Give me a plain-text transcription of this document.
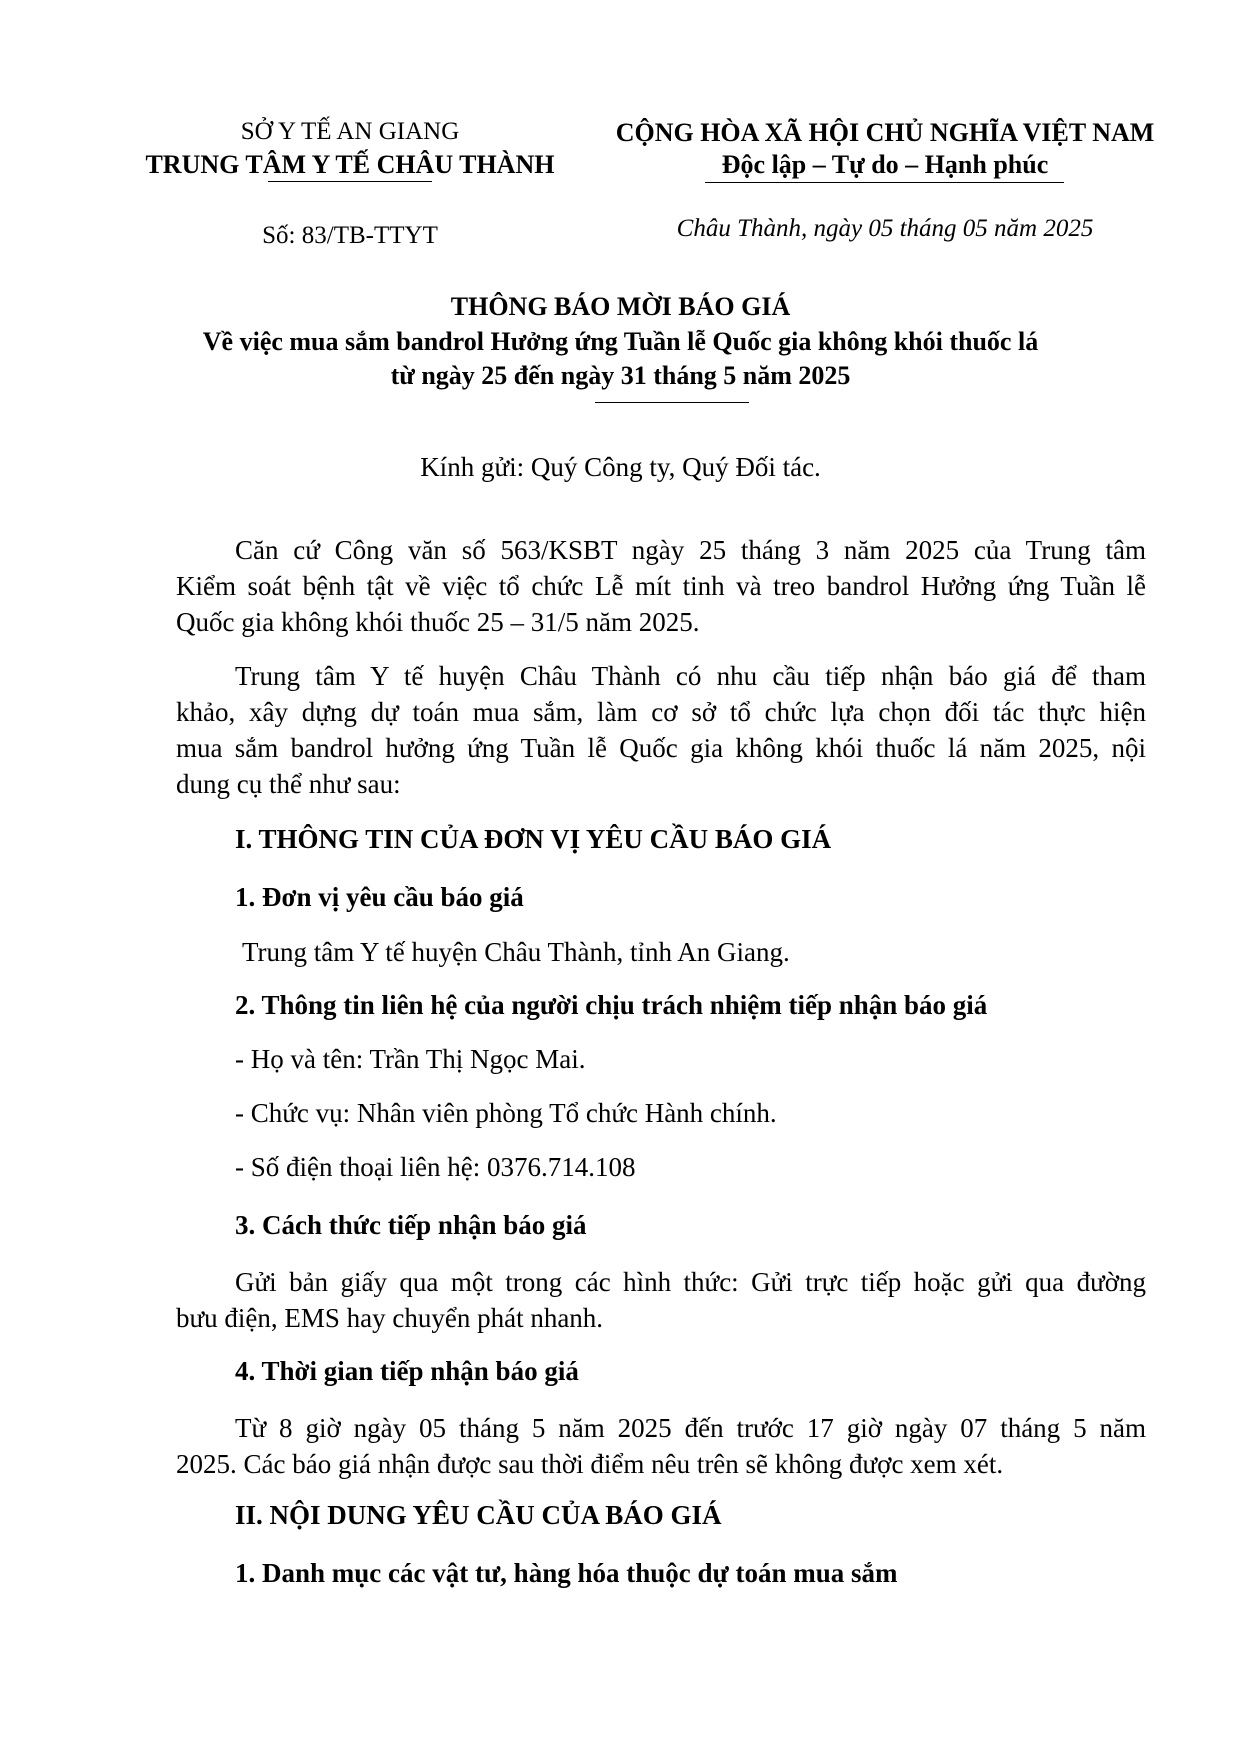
SỞ Y TẾ AN GIANG
TRUNG TÂM Y TẾ CHÂU THÀNH
Số: 83/TB-TTYT
CỘNG HÒA XÃ HỘI CHỦ NGHĨA VIỆT NAM
Độc lập – Tự do – Hạnh phúc
Châu Thành, ngày 05 tháng 05 năm 2025
THÔNG BÁO MỜI BÁO GIÁ
Về việc mua sắm bandrol Hưởng ứng Tuần lễ Quốc gia không khói thuốc lá
từ ngày 25 đến ngày 31 tháng 5 năm 2025
Kính gửi: Quý Công ty, Quý Đối tác.
Căn cứ Công văn số 563/KSBT ngày 25 tháng 3 năm 2025 của Trung tâm
Kiểm soát bệnh tật về việc tổ chức Lễ mít tinh và treo bandrol Hưởng ứng Tuần lễ
Quốc gia không khói thuốc 25 – 31/5 năm 2025.
Trung tâm Y tế huyện Châu Thành có nhu cầu tiếp nhận báo giá để tham
khảo, xây dựng dự toán mua sắm, làm cơ sở tổ chức lựa chọn đối tác thực hiện
mua sắm bandrol hưởng ứng Tuần lễ Quốc gia không khói thuốc lá năm 2025, nội
dung cụ thể như sau:
I. THÔNG TIN CỦA ĐƠN VỊ YÊU CẦU BÁO GIÁ
1. Đơn vị yêu cầu báo giá
Trung tâm Y tế huyện Châu Thành, tỉnh An Giang.
2. Thông tin liên hệ của người chịu trách nhiệm tiếp nhận báo giá
- Họ và tên: Trần Thị Ngọc Mai.
- Chức vụ: Nhân viên phòng Tổ chức Hành chính.
- Số điện thoại liên hệ: 0376.714.108
3. Cách thức tiếp nhận báo giá
Gửi bản giấy qua một trong các hình thức: Gửi trực tiếp hoặc gửi qua đường
bưu điện, EMS hay chuyển phát nhanh.
4. Thời gian tiếp nhận báo giá
Từ 8 giờ ngày 05 tháng 5 năm 2025 đến trước 17 giờ ngày 07 tháng 5 năm
2025. Các báo giá nhận được sau thời điểm nêu trên sẽ không được xem xét.
II. NỘI DUNG YÊU CẦU CỦA BÁO GIÁ
1. Danh mục các vật tư, hàng hóa thuộc dự toán mua sắm
